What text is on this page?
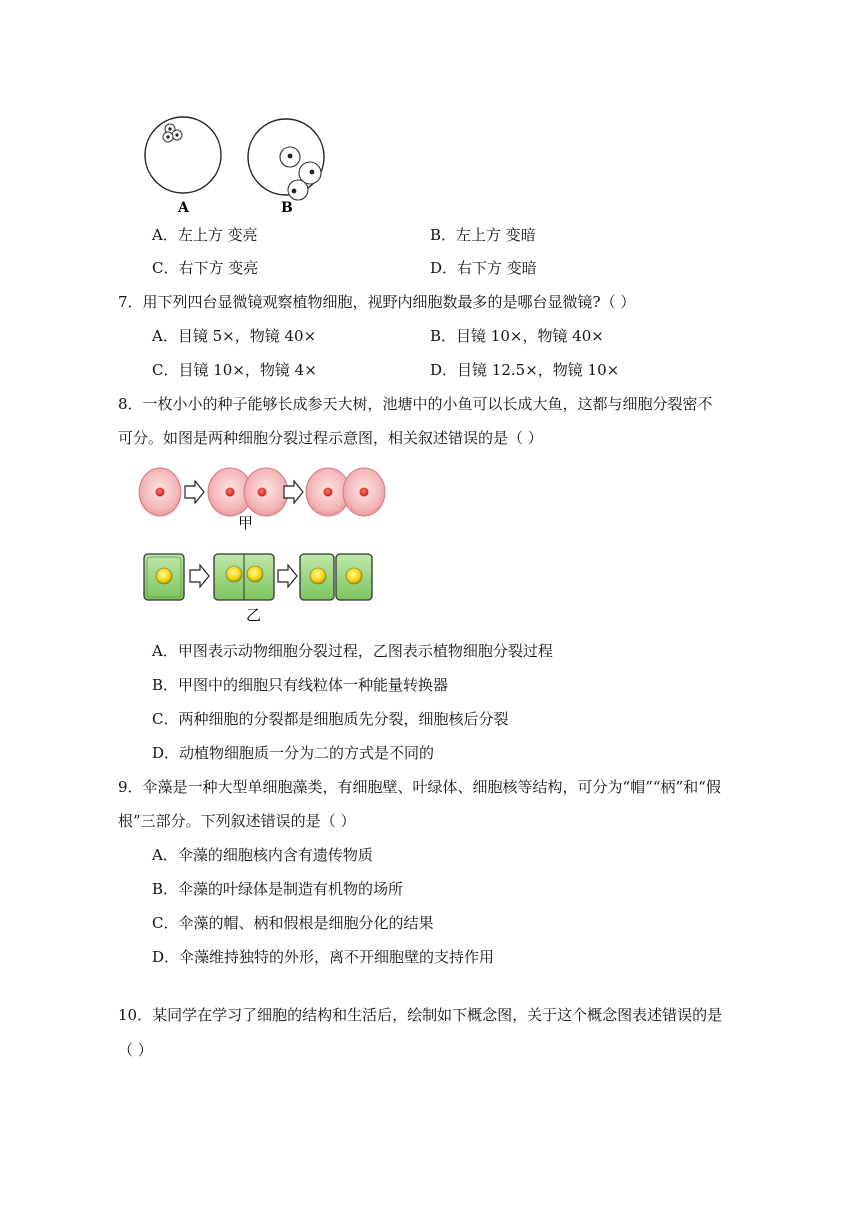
A	B
A．左上方 变亮	B．左上方 变暗
C．右下方 变亮	D．右下方 变暗
7．用下列四台显微镜观察植物细胞，视野内细胞数最多的是哪台显微镜?（ ）
A．目镜 5×，物镜 40×	B．目镜 10×，物镜 40×
C．目镜 10×，物镜 4×	D．目镜 12.5×，物镜 10×
8．一枚小小的种子能够长成参天大树，池塘中的小鱼可以长成大鱼，这都与细胞分裂密不
可分。如图是两种细胞分裂过程示意图，相关叙述错误的是（ ）
甲
乙
A．甲图表示动物细胞分裂过程，乙图表示植物细胞分裂过程
B．甲图中的细胞只有线粒体一种能量转换器
C．两种细胞的分裂都是细胞质先分裂，细胞核后分裂
D．动植物细胞质一分为二的方式是不同的
9．伞藻是一种大型单细胞藻类，有细胞壁、叶绿体、细胞核等结构，可分为“帽”“柄”和“假
根”三部分。下列叙述错误的是（ ）
A．伞藻的细胞核内含有遗传物质
B．伞藻的叶绿体是制造有机物的场所
C．伞藻的帽、柄和假根是细胞分化的结果
D．伞藻维持独特的外形，离不开细胞壁的支持作用
10．某同学在学习了细胞的结构和生活后，绘制如下概念图，关于这个概念图表述错误的是
（ ）
